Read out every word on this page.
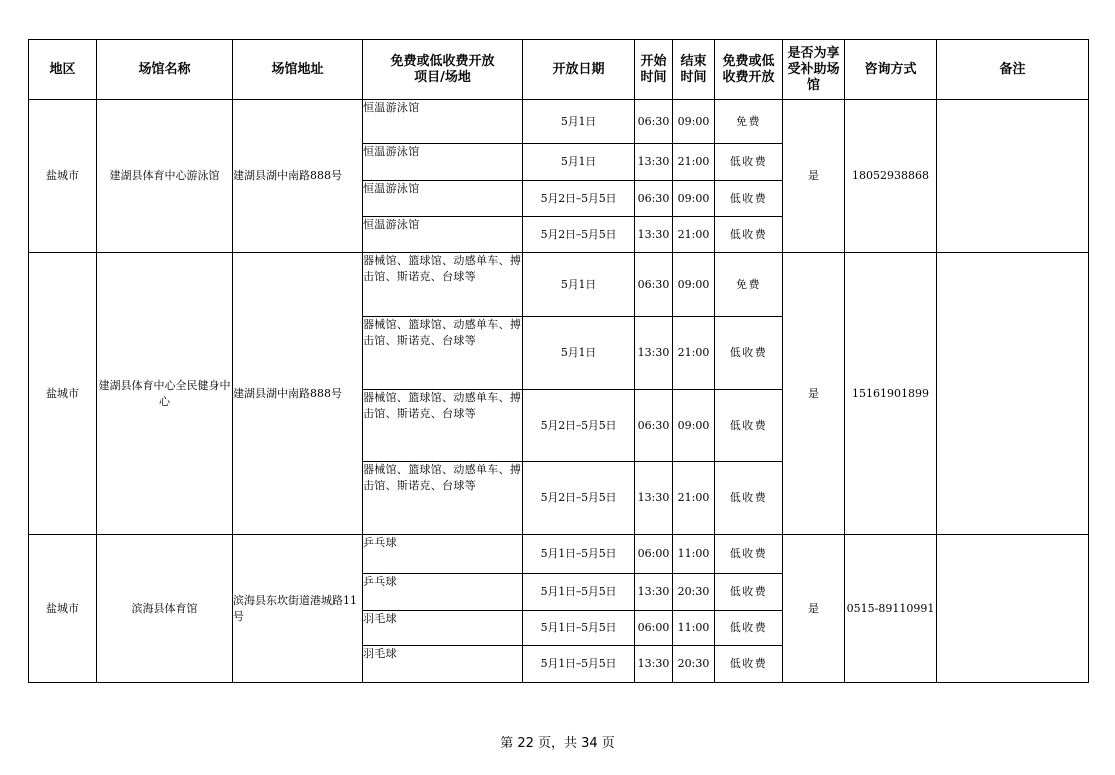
地区	场馆名称	场馆地址	免费或低收费开放项目/场地	开放日期	开始时间	结束时间	免费或低收费开放	是否为享受补助场馆	咨询方式	备注
盐城市	建湖县体育中心游泳馆	建湖县湖中南路888号	恒温游泳馆	5月1日	06:30	09:00	免费	是	18052938868	
			恒温游泳馆	5月1日	13:30	21:00	低收费			
			恒温游泳馆	5月2日–5月5日	06:30	09:00	低收费			
			恒温游泳馆	5月2日–5月5日	13:30	21:00	低收费			
盐城市	建湖县体育中心全民健身中心	建湖县湖中南路888号	器械馆、篮球馆、动感单车、搏击馆、斯诺克、台球等	5月1日	06:30	09:00	免费	是	15161901899	
			器械馆、篮球馆、动感单车、搏击馆、斯诺克、台球等	5月1日	13:30	21:00	低收费			
			器械馆、篮球馆、动感单车、搏击馆、斯诺克、台球等	5月2日–5月5日	06:30	09:00	低收费			
			器械馆、篮球馆、动感单车、搏击馆、斯诺克、台球等	5月2日–5月5日	13:30	21:00	低收费			
盐城市	滨海县体育馆	滨海县东坎街道港城路11号	乒乓球	5月1日–5月5日	06:00	11:00	低收费	是	0515-89110991	
			乒乓球	5月1日–5月5日	13:30	20:30	低收费			
			羽毛球	5月1日–5月5日	06:00	11:00	低收费			
			羽毛球	5月1日–5月5日	13:30	20:30	低收费			
第 22 页，共 34 页
